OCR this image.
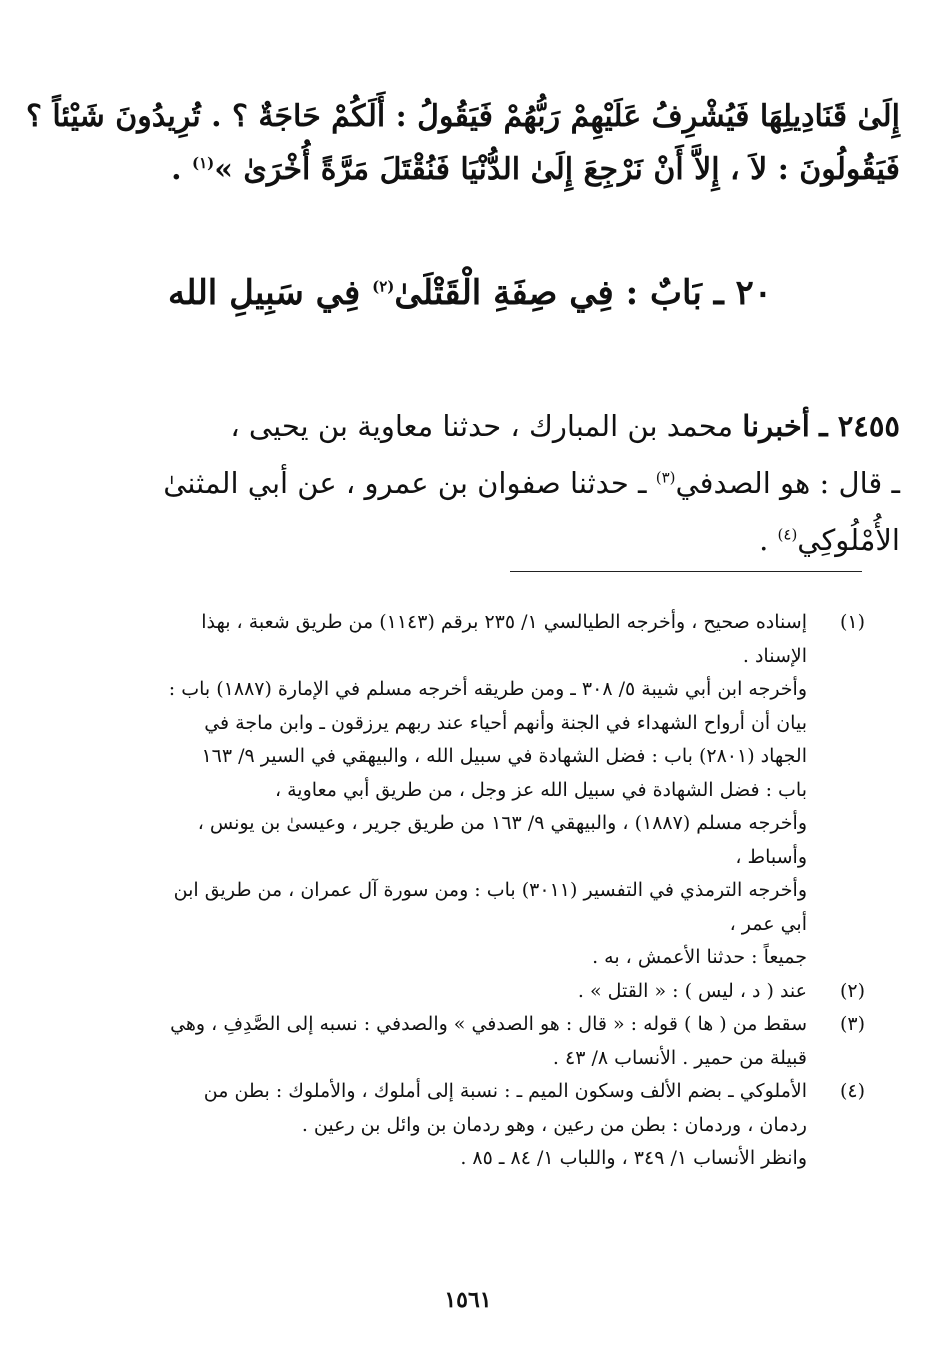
إِلَىٰ قَنَادِيلِهَا فَيُشْرِفُ عَلَيْهِمْ رَبُّهُمْ فَيَقُولُ : أَلَكُمْ حَاجَةٌ ؟ . تُرِيدُونَ شَيْئاً ؟
فَيَقُولُونَ : لاَ ، إِلاَّ أَنْ نَرْجِعَ إِلَىٰ الدُّنْيَا فَنُقْتَلَ مَرَّةً أُخْرَىٰ »$^{(١)}$ .
٢٠ ـ بَابٌ : فِي صِفَةِ الْقَتْلَىٰ$^{(٢)}$ فِي سَبِيلِ الله
٢٤٥٥ ـ أخبرنا محمد بن المبارك ، حدثنا معاوية بن يحيى ،
ـ قال : هو الصدفي$^{(٣)}$ ـ حدثنا صفوان بن عمرو ، عن أبي المثنىٰ
الأُمْلُوكِي$^{(٤)}$ .
(١)
إسناده صحيح ، وأخرجه الطيالسي ١/ ٢٣٥ برقم (١١٤٣) من طريق شعبة ، بهذا
الإسناد .
وأخرجه ابن أبي شيبة ٥/ ٣٠٨ ـ ومن طريقه أخرجه مسلم في الإمارة (١٨٨٧) باب :
بيان أن أرواح الشهداء في الجنة وأنهم أحياء عند ربهم يرزقون ـ وابن ماجة في
الجهاد (٢٨٠١) باب : فضل الشهادة في سبيل الله ، والبيهقي في السير ٩/ ١٦٣
باب : فضل الشهادة في سبيل الله عز وجل ، من طريق أبي معاوية ،
وأخرجه مسلم (١٨٨٧) ، والبيهقي ٩/ ١٦٣ من طريق جرير ، وعيسىٰ بن يونس ،
وأسباط ،
وأخرجه الترمذي في التفسير (٣٠١١) باب : ومن سورة آل عمران ، من طريق ابن
أبي عمر ،
جميعاً : حدثنا الأعمش ، به .
(٢)
عند ( د ، ليس ) : « القتل » .
(٣)
سقط من ( ها ) قوله : « قال : هو الصدفي » والصدفي : نسبه إلى الصَّدِفِ ، وهي
قبيلة من حمير . الأنساب ٨/ ٤٣ .
(٤)
الأملوكي ـ بضم الألف وسكون الميم ـ : نسبة إلى أملوك ، والأملوك : بطن من
ردمان ، وردمان : بطن من رعين ، وهو ردمان بن وائل بن رعين .
وانظر الأنساب ١/ ٣٤٩ ، واللباب ١/ ٨٤ ـ ٨٥ .
١٥٦١
